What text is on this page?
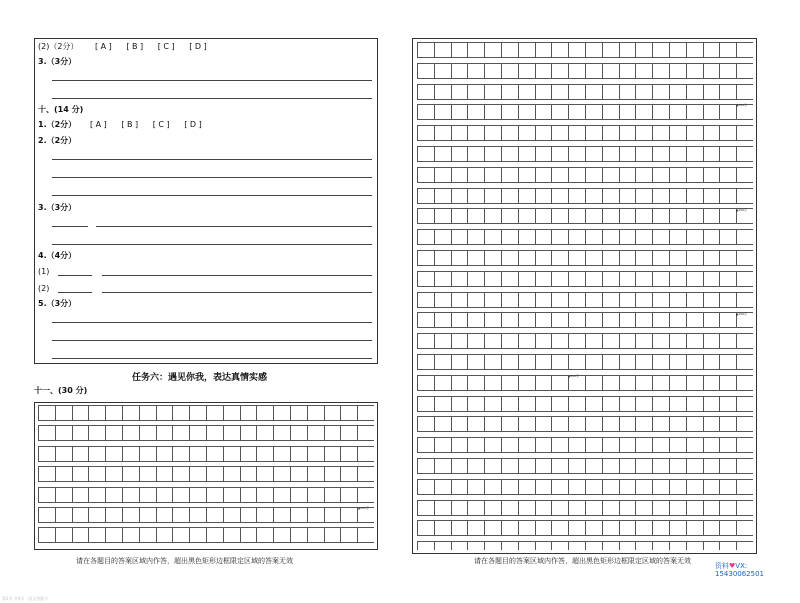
(2)（2分） [ A ] [ B ] [ C ] [ D ]
3.（3分）
十、(14 分)
1.（2分） [ A ] [ B ] [ C ] [ D ]
2.（2分）
3.（3分）
4.（4分）
(1)
(2)
5.（3分）
任务六：遇见你我，表达真情实感
十一、(30 分)
▲200字
请在各题目的答案区域内作答，超出黑色矩形边框限定区域的答案无效
▲200字
▲200字
▲200字
▲200字
请在各题目的答案区域内作答，超出黑色矩形边框限定区域的答案无效
资料♥VX:
15430062501
第1页 共4页 · 语文答题卡
